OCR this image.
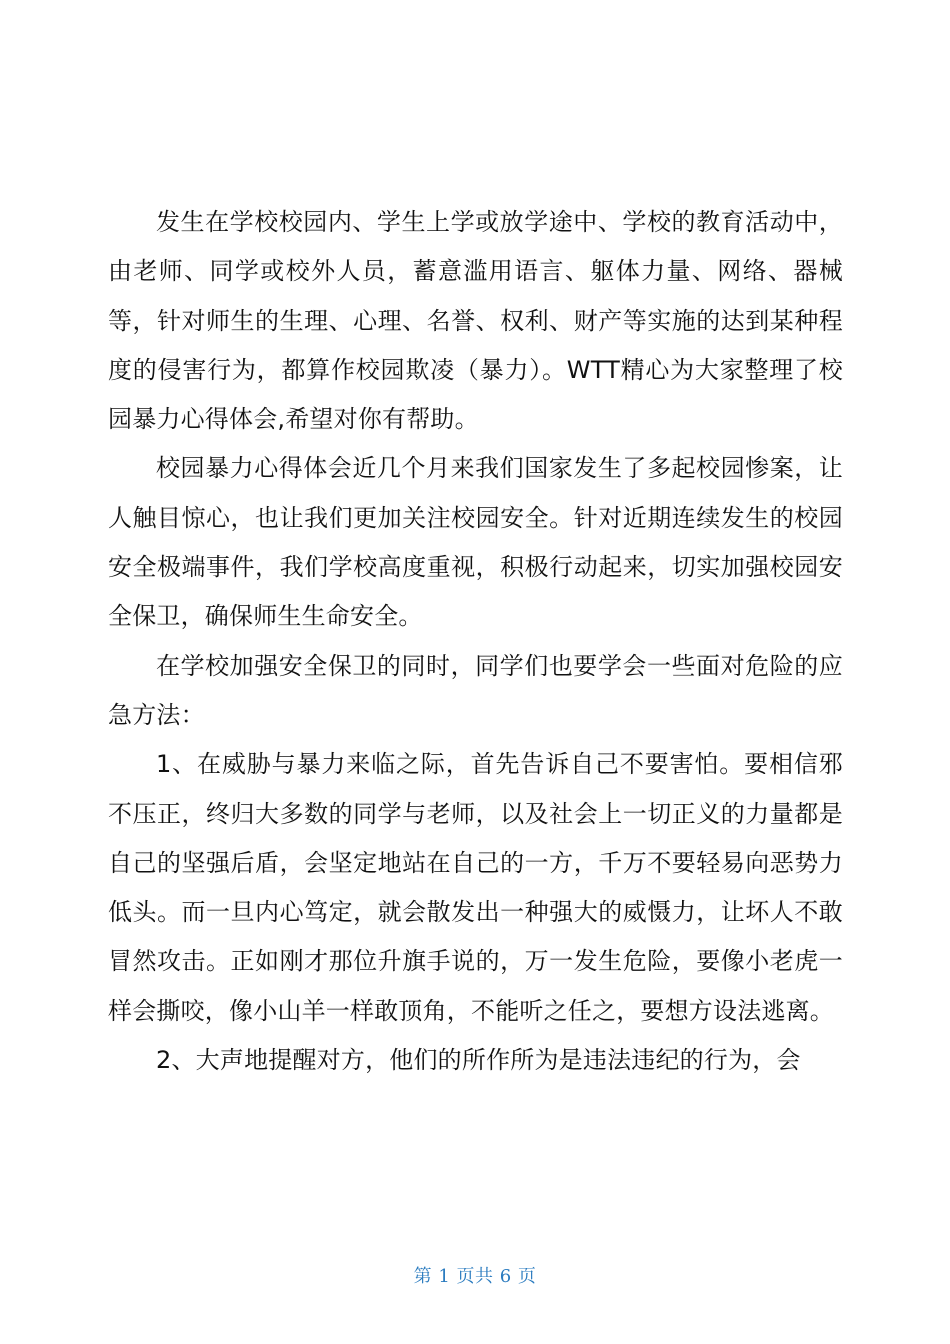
发生在学校校园内、学生上学或放学途中、学校的教育活动中，由老师、同学或校外人员，蓄意滥用语言、躯体力量、网络、器械等，针对师生的生理、心理、名誉、权利、财产等实施的达到某种程度的侵害行为，都算作校园欺凌（暴力）。WTT精心为大家整理了校园暴力心得体会,希望对你有帮助。

校园暴力心得体会近几个月来我们国家发生了多起校园惨案，让人触目惊心，也让我们更加关注校园安全。针对近期连续发生的校园安全极端事件，我们学校高度重视，积极行动起来，切实加强校园安全保卫，确保师生生命安全。

在学校加强安全保卫的同时，同学们也要学会一些面对危险的应急方法：

1、在威胁与暴力来临之际，首先告诉自己不要害怕。要相信邪不压正，终归大多数的同学与老师，以及社会上一切正义的力量都是自己的坚强后盾，会坚定地站在自己的一方，千万不要轻易向恶势力低头。而一旦内心笃定，就会散发出一种强大的威慑力，让坏人不敢冒然攻击。正如刚才那位升旗手说的，万一发生危险，要像小老虎一样会撕咬，像小山羊一样敢顶角，不能听之任之，要想方设法逃离。

2、大声地提醒对方，他们的所作所为是违法违纪的行为，会

第 1 页共 6 页
